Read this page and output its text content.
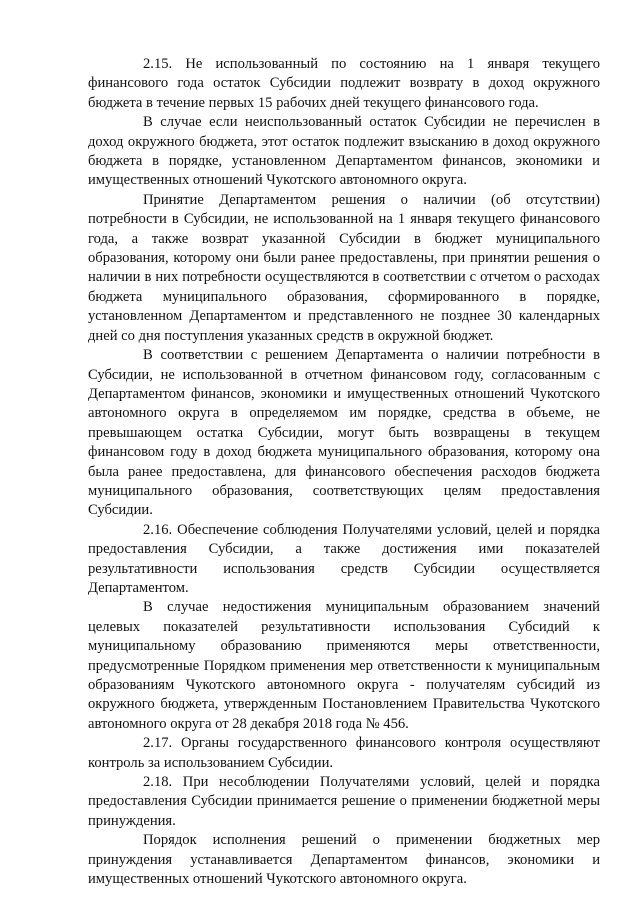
2.15. Не использованный по состоянию на 1 января текущего финансового года остаток Субсидии подлежит возврату в доход окружного бюджета в течение первых 15 рабочих дней текущего финансового года.

В случае если неиспользованный остаток Субсидии не перечислен в доход окружного бюджета, этот остаток подлежит взысканию в доход окружного бюджета в порядке, установленном Департаментом финансов, экономики и имущественных отношений Чукотского автономного округа.

Принятие Департаментом решения о наличии (об отсутствии) потребности в Субсидии, не использованной на 1 января текущего финансового года, а также возврат указанной Субсидии в бюджет муниципального образования, которому они были ранее предоставлены, при принятии решения о наличии в них потребности осуществляются в соответствии с отчетом о расходах бюджета муниципального образования, сформированного в порядке, установленном Департаментом и представленного не позднее 30 календарных дней со дня поступления указанных средств в окружной бюджет.

В соответствии с решением Департамента о наличии потребности в Субсидии, не использованной в отчетном финансовом году, согласованным с Департаментом финансов, экономики и имущественных отношений Чукотского автономного округа в определяемом им порядке, средства в объеме, не превышающем остатка Субсидии, могут быть возвращены в текущем финансовом году в доход бюджета муниципального образования, которому она была ранее предоставлена, для финансового обеспечения расходов бюджета муниципального образования, соответствующих целям предоставления Субсидии.

2.16. Обеспечение соблюдения Получателями условий, целей и порядка предоставления Субсидии, а также достижения ими показателей результативности использования средств Субсидии осуществляется Департаментом.

В случае недостижения муниципальным образованием значений целевых показателей результативности использования Субсидий к муниципальному образованию применяются меры ответственности, предусмотренные Порядком применения мер ответственности к муниципальным образованиям Чукотского автономного округа - получателям субсидий из окружного бюджета, утвержденным Постановлением Правительства Чукотского автономного округа от 28 декабря 2018 года № 456.

2.17. Органы государственного финансового контроля осуществляют контроль за использованием Субсидии.

2.18. При несоблюдении Получателями условий, целей и порядка предоставления Субсидии принимается решение о применении бюджетной меры принуждения.

Порядок исполнения решений о применении бюджетных мер принуждения устанавливается Департаментом финансов, экономики и имущественных отношений Чукотского автономного округа.
